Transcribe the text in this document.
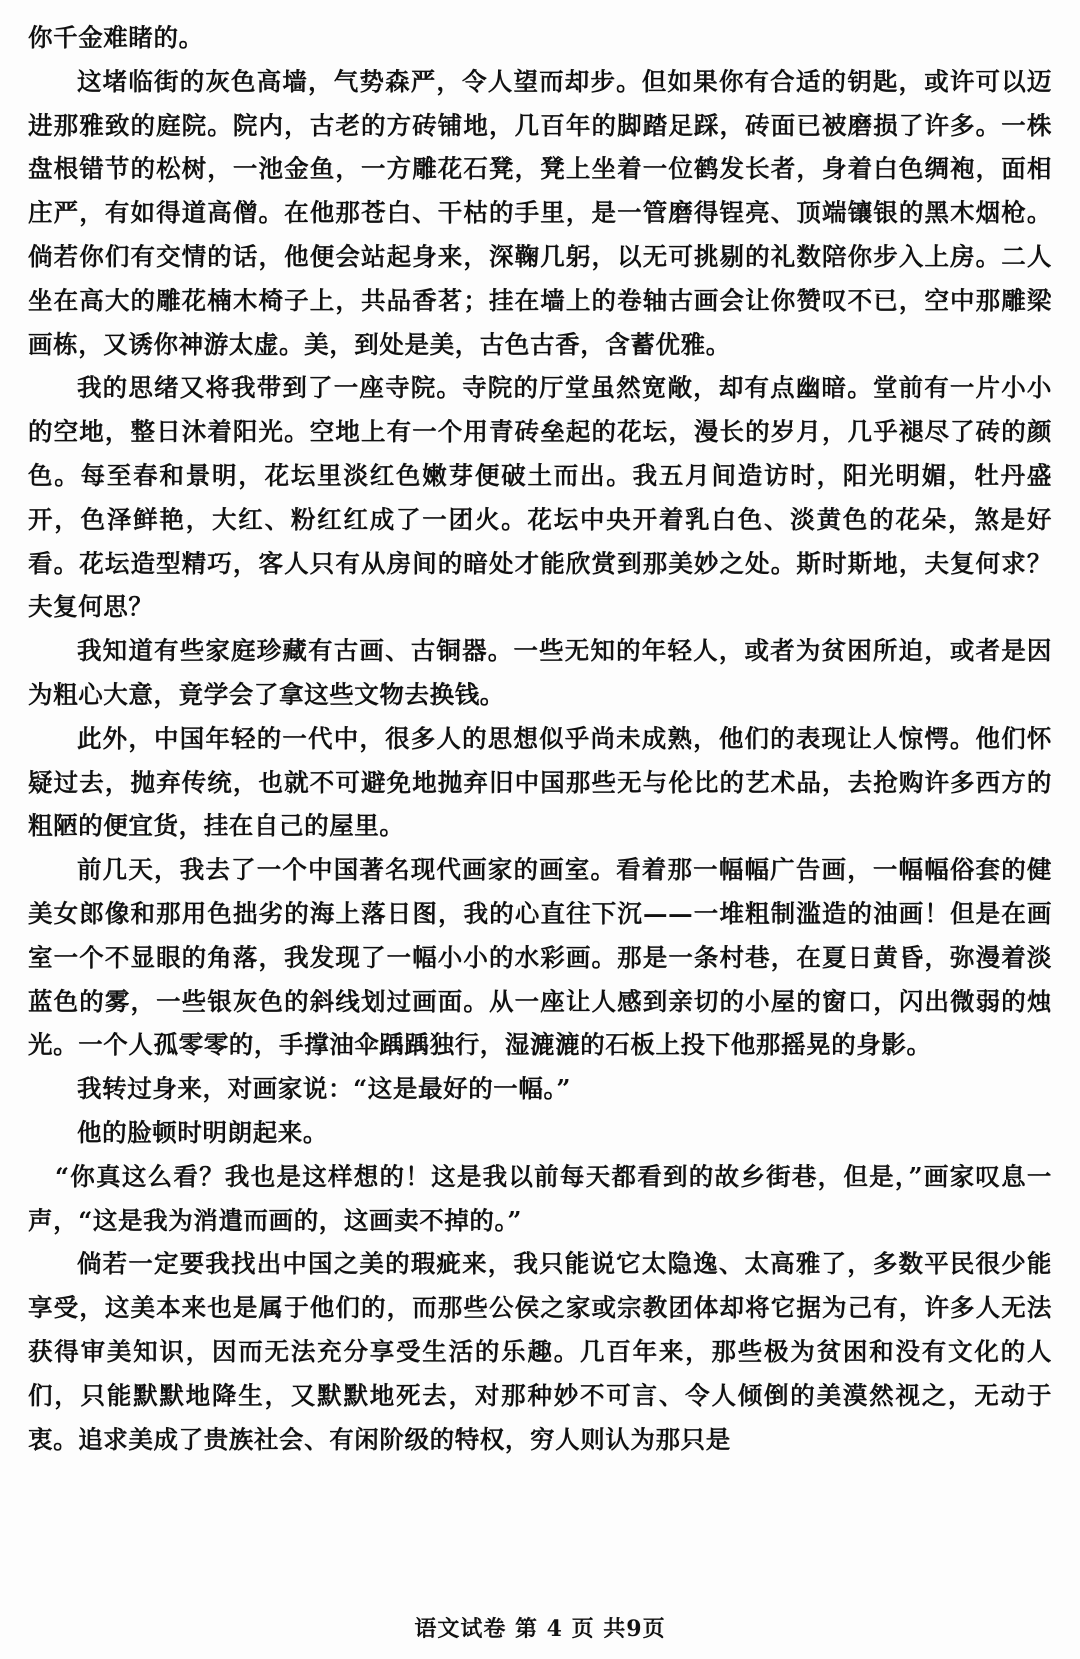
你千金难睹的。

这堵临街的灰色高墙，气势森严，令人望而却步。但如果你有合适的钥匙，或许可以迈进那雅致的庭院。院内，古老的方砖铺地，几百年的脚踏足踩，砖面已被磨损了许多。一株盘根错节的松树，一池金鱼，一方雕花石凳，凳上坐着一位鹤发长者，身着白色绸袍，面相庄严，有如得道高僧。在他那苍白、干枯的手里，是一管磨得锃亮、顶端镶银的黑木烟枪。倘若你们有交情的话，他便会站起身来，深鞠几躬，以无可挑剔的礼数陪你步入上房。二人坐在高大的雕花楠木椅子上，共品香茗；挂在墙上的卷轴古画会让你赞叹不已，空中那雕梁画栋，又诱你神游太虚。美，到处是美，古色古香，含蓄优雅。

我的思绪又将我带到了一座寺院。寺院的厅堂虽然宽敞，却有点幽暗。堂前有一片小小的空地，整日沐着阳光。空地上有一个用青砖垒起的花坛，漫长的岁月，几乎褪尽了砖的颜色。每至春和景明，花坛里淡红色嫩芽便破土而出。我五月间造访时，阳光明媚，牡丹盛开，色泽鲜艳，大红、粉红红成了一团火。花坛中央开着乳白色、淡黄色的花朵，煞是好看。花坛造型精巧，客人只有从房间的暗处才能欣赏到那美妙之处。斯时斯地，夫复何求？夫复何思？

我知道有些家庭珍藏有古画、古铜器。一些无知的年轻人，或者为贫困所迫，或者是因为粗心大意，竟学会了拿这些文物去换钱。

此外，中国年轻的一代中，很多人的思想似乎尚未成熟，他们的表现让人惊愕。他们怀疑过去，抛弃传统，也就不可避免地抛弃旧中国那些无与伦比的艺术品，去抢购许多西方的粗陋的便宜货，挂在自己的屋里。

前几天，我去了一个中国著名现代画家的画室。看着那一幅幅广告画，一幅幅俗套的健美女郎像和那用色拙劣的海上落日图，我的心直往下沉——一堆粗制滥造的油画！但是在画室一个不显眼的角落，我发现了一幅小小的水彩画。那是一条村巷，在夏日黄昏，弥漫着淡蓝色的雾，一些银灰色的斜线划过画面。从一座让人感到亲切的小屋的窗口，闪出微弱的烛光。一个人孤零零的，手撑油伞踽踽独行，湿漉漉的石板上投下他那摇晃的身影。

我转过身来，对画家说：“这是最好的一幅。”

他的脸顿时明朗起来。

“你真这么看？我也是这样想的！这是我以前每天都看到的故乡街巷，但是，”画家叹息一声，“这是我为消遣而画的，这画卖不掉的。”

倘若一定要我找出中国之美的瑕疵来，我只能说它太隐逸、太高雅了，多数平民很少能享受，这美本来也是属于他们的，而那些公侯之家或宗教团体却将它据为己有，许多人无法获得审美知识，因而无法充分享受生活的乐趣。几百年来，那些极为贫困和没有文化的人们，只能默默地降生，又默默地死去，对那种妙不可言、令人倾倒的美漠然视之，无动于衷。追求美成了贵族社会、有闲阶级的特权，穷人则认为那只是

语文试卷 第 4 页 共9页
